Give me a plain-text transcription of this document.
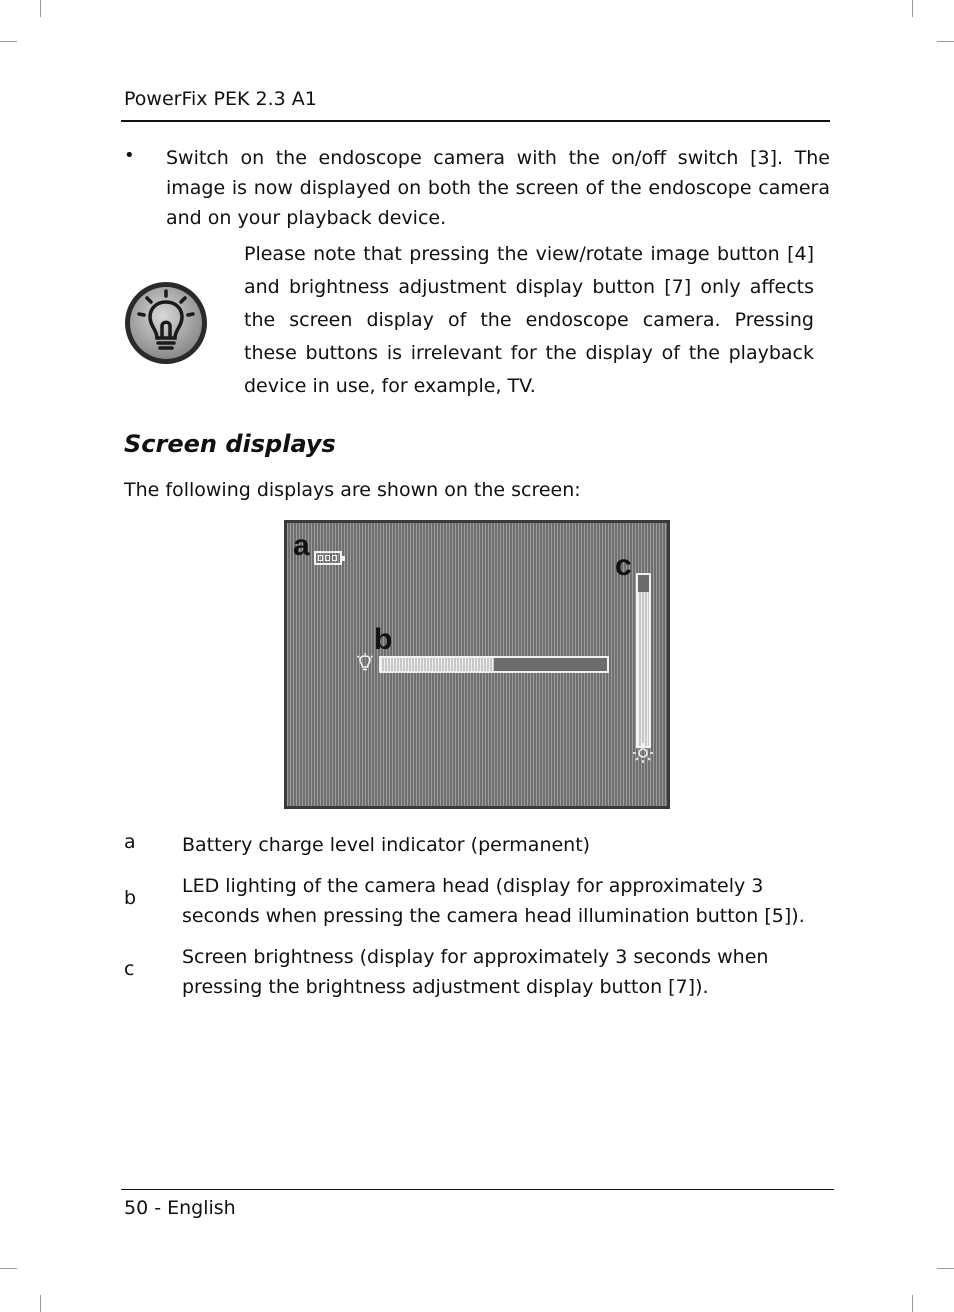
PowerFix PEK 2.3 A1
• Switch on the endoscope camera with the on/off switch [3]. The image is now displayed on both the screen of the endoscope camera and on your playback device.
Please note that pressing the view/rotate image button [4] and brightness adjustment display button [7] only affects the screen display of the endoscope camera. Pressing these buttons is irrelevant for the display of the playback device in use, for example, TV.
Screen displays
The following displays are shown on the screen:
a
b
c
a Battery charge level indicator (permanent)
b
LED lighting of the camera head (display for approximately 3 seconds when pressing the camera head illumination button [5]).
c
Screen brightness (display for approximately 3 seconds when pressing the brightness adjustment display button [7]).
50 - English
